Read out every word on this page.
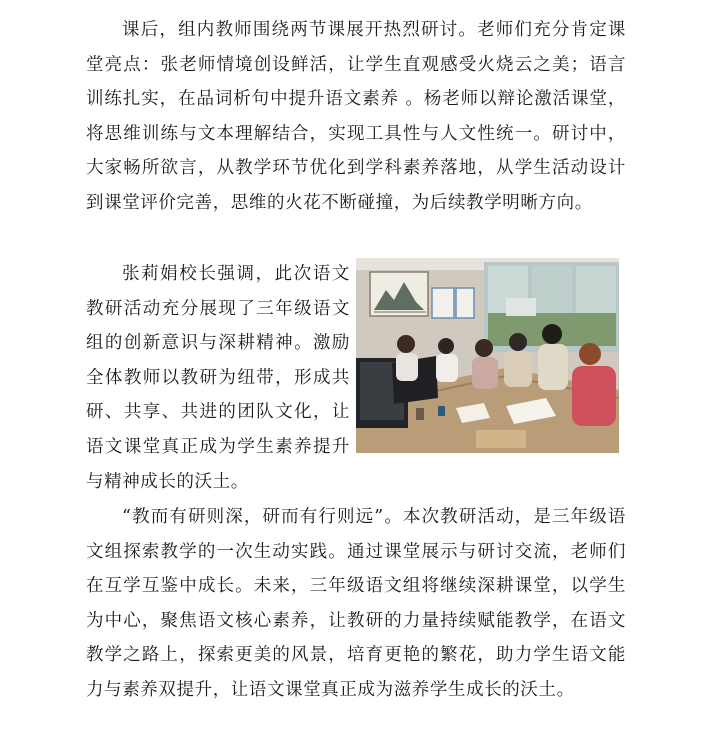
课后，组内教师围绕两节课展开热烈研讨。老师们充分肯定课堂亮点：张老师情境创设鲜活，让学生直观感受火烧云之美；语言训练扎实，在品词析句中提升语文素养 。杨老师以辩论激活课堂，将思维训练与文本理解结合，实现工具性与人文性统一。研讨中，大家畅所欲言，从教学环节优化到学科素养落地，从学生活动设计到课堂评价完善，思维的火花不断碰撞，为后续教学明晰方向。

张莉娟校长强调，此次语文教研活动充分展现了三年级语文组的创新意识与深耕精神。激励全体教师以教研为纽带，形成共研、共享、共进的团队文化，让语文课堂真正成为学生素养提升与精神成长的沃土。

“教而有研则深，研而有行则远”。本次教研活动，是三年级语文组探索教学的一次生动实践。通过课堂展示与研讨交流，老师们在互学互鉴中成长。未来，三年级语文组将继续深耕课堂，以学生为中心，聚焦语文核心素养，让教研的力量持续赋能教学，在语文教学之路上，探索更美的风景，培育更艳的繁花，助力学生语文能力与素养双提升，让语文课堂真正成为滋养学生成长的沃土。
